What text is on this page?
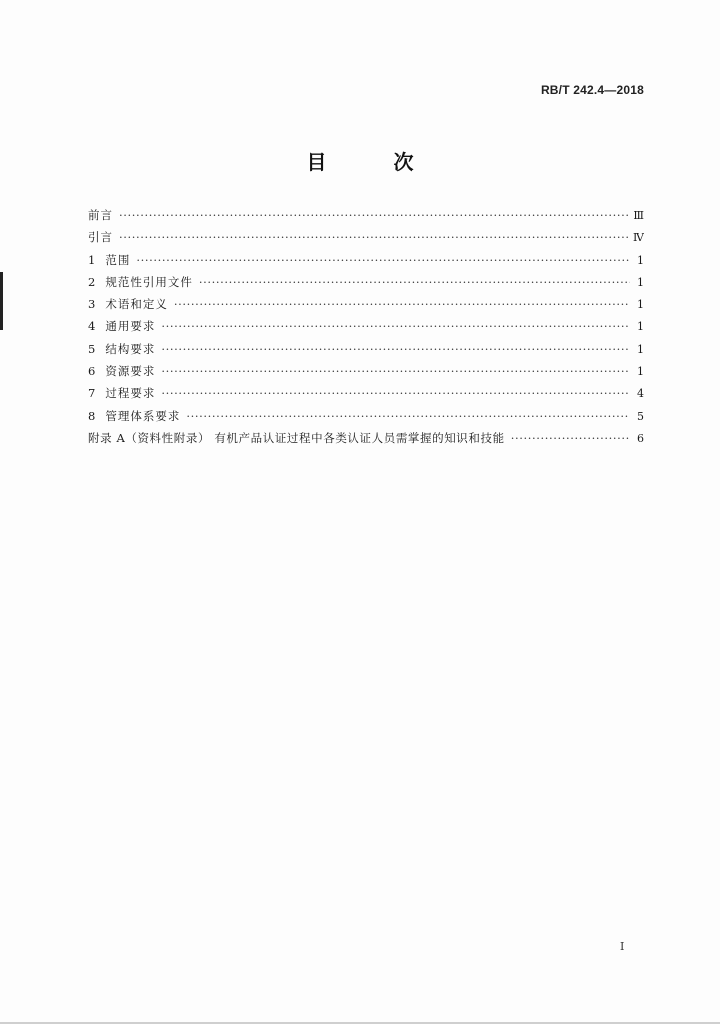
RB/T 242.4—2018
目 次
前言 ·····	Ⅲ
引言 ·····	Ⅳ
1 范围 ·····	1
2 规范性引用文件 ·····	1
3 术语和定义 ·····	1
4 通用要求 ·····	1
5 结构要求 ·····	1
6 资源要求 ·····	1
7 过程要求 ·····	4
8 管理体系要求 ·····	5
附录 A（资料性附录） 有机产品认证过程中各类认证人员需掌握的知识和技能 ·····	6
Ⅰ
